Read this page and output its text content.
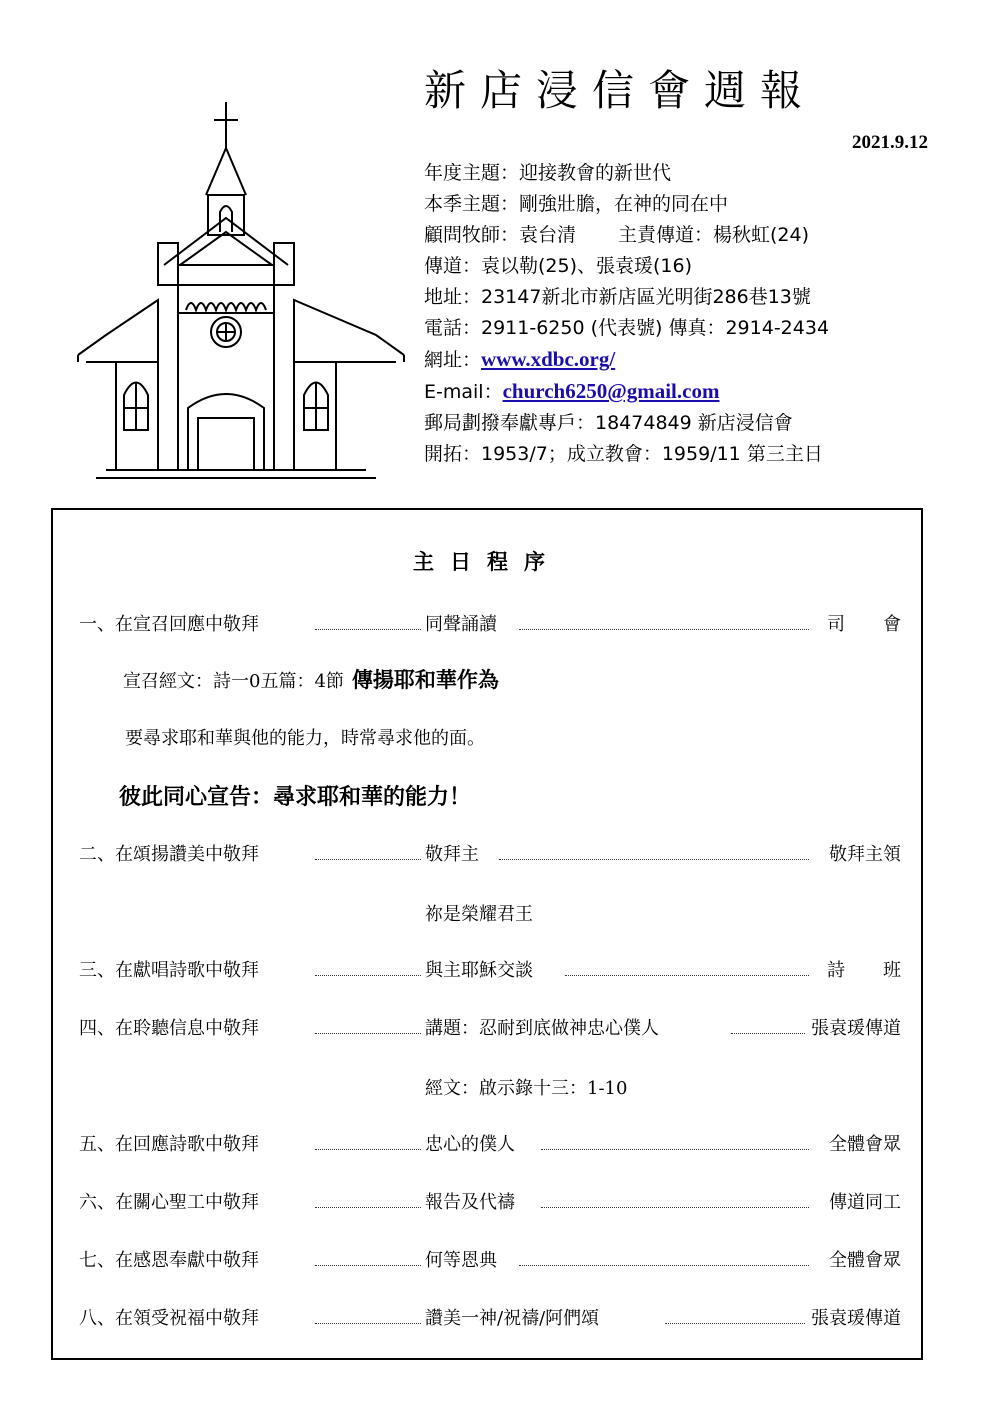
新店浸信會週報
2021.9.12
年度主題：迎接教會的新世代
本季主題：剛強壯膽，在神的同在中
顧問牧師：袁台清 主責傳道：楊秋虹(24)
傳道：袁以勒(25)、張袁瑗(16)
地址：23147新北市新店區光明街286巷13號
電話：2911-6250 (代表號) 傳真：2914-2434
網址：www.xdbc.org/
E-mail：church6250@gmail.com
郵局劃撥奉獻專戶：18474849 新店浸信會
開拓：1953/7；成立教會：1959/11 第三主日
主日程序
一、在宣召回應中敬拜	同聲誦讀	司會
宣召經文：詩一0五篇：4節 傳揚耶和華作為
要尋求耶和華與他的能力，時常尋求他的面。
彼此同心宣告：尋求耶和華的能力！
二、在頌揚讚美中敬拜	敬拜主	敬拜主領
祢是榮耀君王
三、在獻唱詩歌中敬拜	與主耶穌交談	詩班
四、在聆聽信息中敬拜	講題：忍耐到底做神忠心僕人	張袁瑗傳道
經文：啟示錄十三：1-10
五、在回應詩歌中敬拜	忠心的僕人	全體會眾
六、在關心聖工中敬拜	報告及代禱	傳道同工
七、在感恩奉獻中敬拜	何等恩典	全體會眾
八、在領受祝福中敬拜	讚美一神/祝禱/阿們頌	張袁瑗傳道
